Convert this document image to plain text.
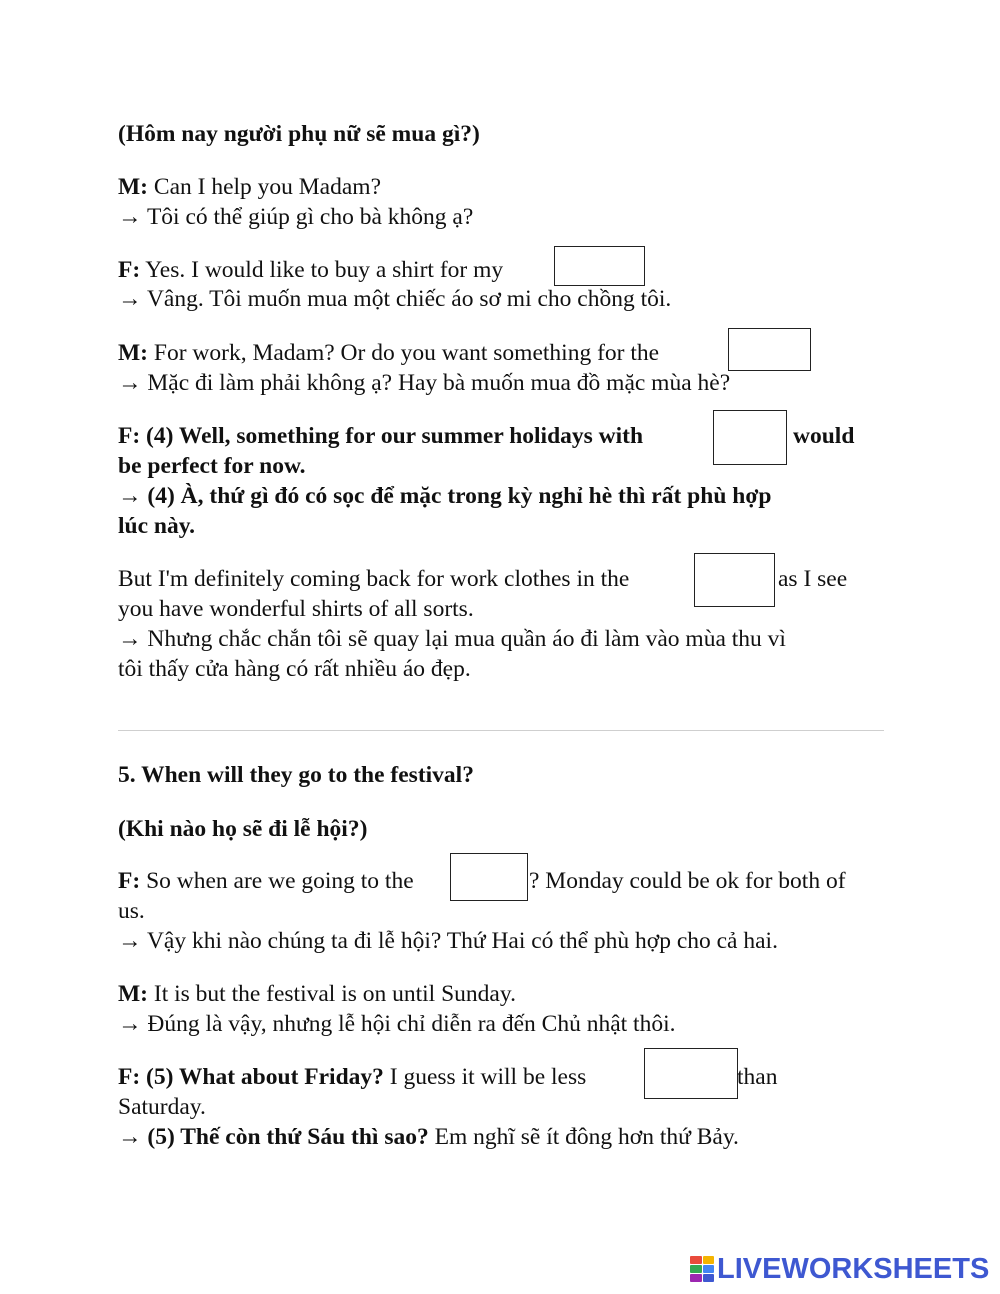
(Hôm nay người phụ nữ sẽ mua gì?)
M: Can I help you Madam?
→ Tôi có thể giúp gì cho bà không ạ?
F: Yes. I would like to buy a shirt for my
→ Vâng. Tôi muốn mua một chiếc áo sơ mi cho chồng tôi.
M: For work, Madam? Or do you want something for the
→ Mặc đi làm phải không ạ? Hay bà muốn mua đồ mặc mùa hè?
F: (4) Well, something for our summer holidays with	would
be perfect for now.
→ (4) À, thứ gì đó có sọc để mặc trong kỳ nghỉ hè thì rất phù hợp
lúc này.
But I'm definitely coming back for work clothes in the	as I see
you have wonderful shirts of all sorts.
→ Nhưng chắc chắn tôi sẽ quay lại mua quần áo đi làm vào mùa thu vì
tôi thấy cửa hàng có rất nhiều áo đẹp.
5. When will they go to the festival?
(Khi nào họ sẽ đi lễ hội?)
F: So when are we going to the	? Monday could be ok for both of
us.
→ Vậy khi nào chúng ta đi lễ hội? Thứ Hai có thể phù hợp cho cả hai.
M: It is but the festival is on until Sunday.
→ Đúng là vậy, nhưng lễ hội chỉ diễn ra đến Chủ nhật thôi.
F: (5) What about Friday? I guess it will be less	than
Saturday.
→ (5) Thế còn thứ Sáu thì sao? Em nghĩ sẽ ít đông hơn thứ Bảy.
LIVEWORKSHEETS
